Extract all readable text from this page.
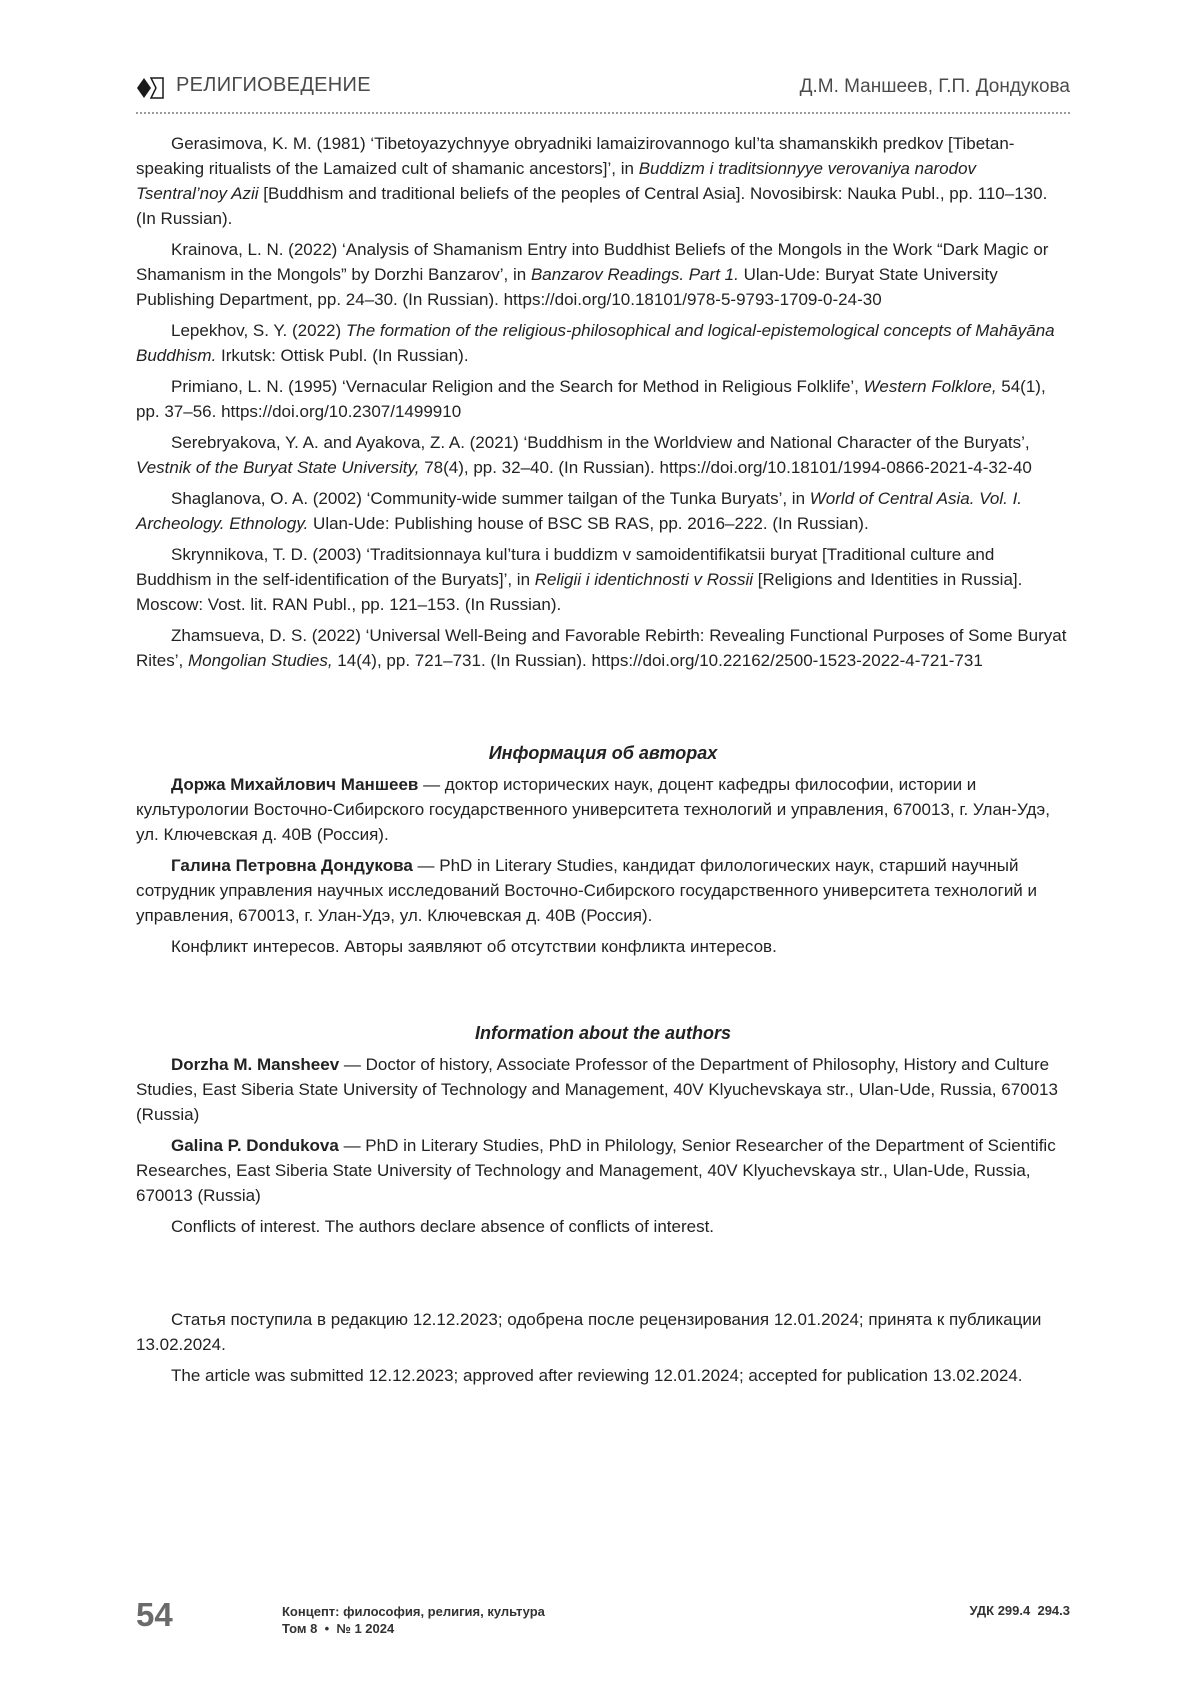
РЕЛИГИОВЕДЕНИЕ	Д.М. Маншеев, Г.П. Дондукова

Gerasimova, K. M. (1981) ‘Tibetoyazychnyye obryadniki lamaizirovannogo kul’ta shamanskikh predkov [Tibetan-speaking ritualists of the Lamaized cult of shamanic ancestors]’, in Buddizm i traditsionnyye verovaniya narodov Tsentral’noy Azii [Buddhism and traditional beliefs of the peoples of Central Asia]. Novosibirsk: Nauka Publ., pp. 110–130. (In Russian).

Krainova, L. N. (2022) ‘Analysis of Shamanism Entry into Buddhist Beliefs of the Mongols in the Work “Dark Magic or Shamanism in the Mongols” by Dorzhi Banzarov’, in Banzarov Readings. Part 1. Ulan-Ude: Buryat State University Publishing Department, pp. 24–30. (In Russian). https://doi.org/10.18101/978-5-9793-1709-0-24-30

Lepekhov, S. Y. (2022) The formation of the religious-philosophical and logical-epistemological concepts of Mahāyāna Buddhism. Irkutsk: Ottisk Publ. (In Russian).

Primiano, L. N. (1995) ‘Vernacular Religion and the Search for Method in Religious Folklife’, Western Folklore, 54(1), pp. 37–56. https://doi.org/10.2307/1499910

Serebryakova, Y. A. and Ayakova, Z. A. (2021) ‘Buddhism in the Worldview and National Character of the Buryats’, Vestnik of the Buryat State University, 78(4), pp. 32–40. (In Russian). https://doi.org/10.18101/1994-0866-2021-4-32-40

Shaglanova, O. A. (2002) ‘Community-wide summer tailgan of the Tunka Buryats’, in World of Central Asia. Vol. I. Archeology. Ethnology. Ulan-Ude: Publishing house of BSC SB RAS, pp. 2016–222. (In Russian).

Skrynnikova, T. D. (2003) ‘Traditsionnaya kul’tura i buddizm v samoidentifikatsii buryat [Traditional culture and Buddhism in the self-identification of the Buryats]’, in Religii i identichnosti v Rossii [Religions and Identities in Russia]. Moscow: Vost. lit. RAN Publ., pp. 121–153. (In Russian).

Zhamsueva, D. S. (2022) ‘Universal Well-Being and Favorable Rebirth: Revealing Functional Purposes of Some Buryat Rites’, Mongolian Studies, 14(4), pp. 721–731. (In Russian). https://doi.org/10.22162/2500-1523-2022-4-721-731

Информация об авторах

Доржа Михайлович Маншеев — доктор исторических наук, доцент кафедры философии, истории и культурологии Восточно-Сибирского государственного университета технологий и управления, 670013, г. Улан-Удэ, ул. Ключевская д. 40В (Россия).

Галина Петровна Дондукова — PhD in Literary Studies, кандидат филологических наук, старший научный сотрудник управления научных исследований Восточно-Сибирского государственного университета технологий и управления, 670013, г. Улан-Удэ, ул. Ключевская д. 40В (Россия).

Конфликт интересов. Авторы заявляют об отсутствии конфликта интересов.

Information about the authors

Dorzha M. Mansheev — Doctor of history, Associate Professor of the Department of Philosophy, History and Culture Studies, East Siberia State University of Technology and Management, 40V Klyuchevskaya str., Ulan-Ude, Russia, 670013 (Russia)

Galina P. Dondukova — PhD in Literary Studies, PhD in Philology, Senior Researcher of the Department of Scientific Researches, East Siberia State University of Technology and Management, 40V Klyuchevskaya str., Ulan-Ude, Russia, 670013 (Russia)

Conflicts of interest. The authors declare absence of conflicts of interest.

Статья поступила в редакцию 12.12.2023; одобрена после рецензирования 12.01.2024; принята к публикации 13.02.2024.

The article was submitted 12.12.2023; approved after reviewing 12.01.2024; accepted for publication 13.02.2024.

54	Концепт: философия, религия, культура
Том 8  •  № 1 2024
УДК 299.4  294.3
